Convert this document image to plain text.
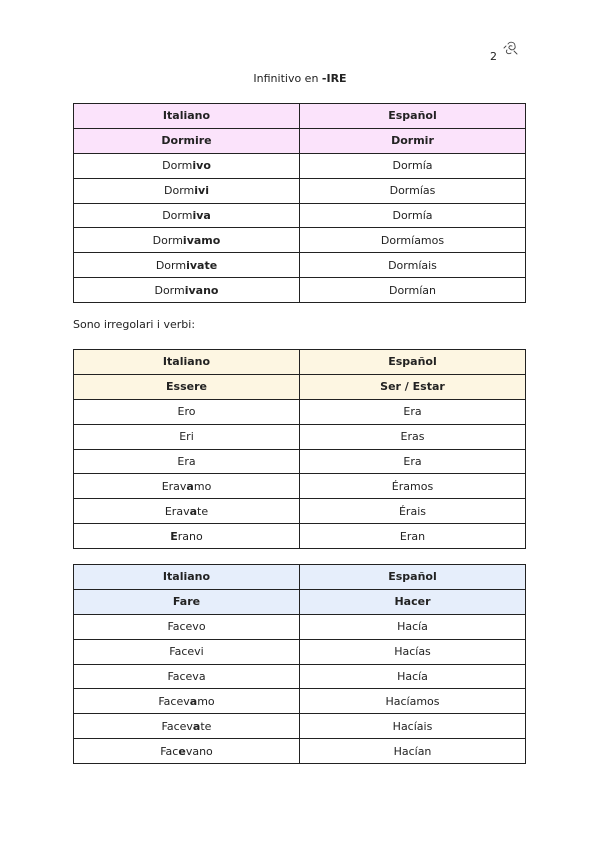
2
Infinitivo en -IRE
Sono irregolari i verbi:
Italiano	Español
Dormire	Dormir
Dormivo	Dormía
Dormivi	Dormías
Dormiva	Dormía
Dormivamo	Dormíamos
Dormivate	Dormíais
Dormivano	Dormían
Italiano	Español
Essere	Ser / Estar
Ero	Era
Eri	Eras
Era	Era
Eravamo	Éramos
Eravate	Érais
Erano	Eran
Italiano	Español
Fare	Hacer
Facevo	Hacía
Facevi	Hacías
Faceva	Hacía
Facevamo	Hacíamos
Facevate	Hacíais
Facevano	Hacían
